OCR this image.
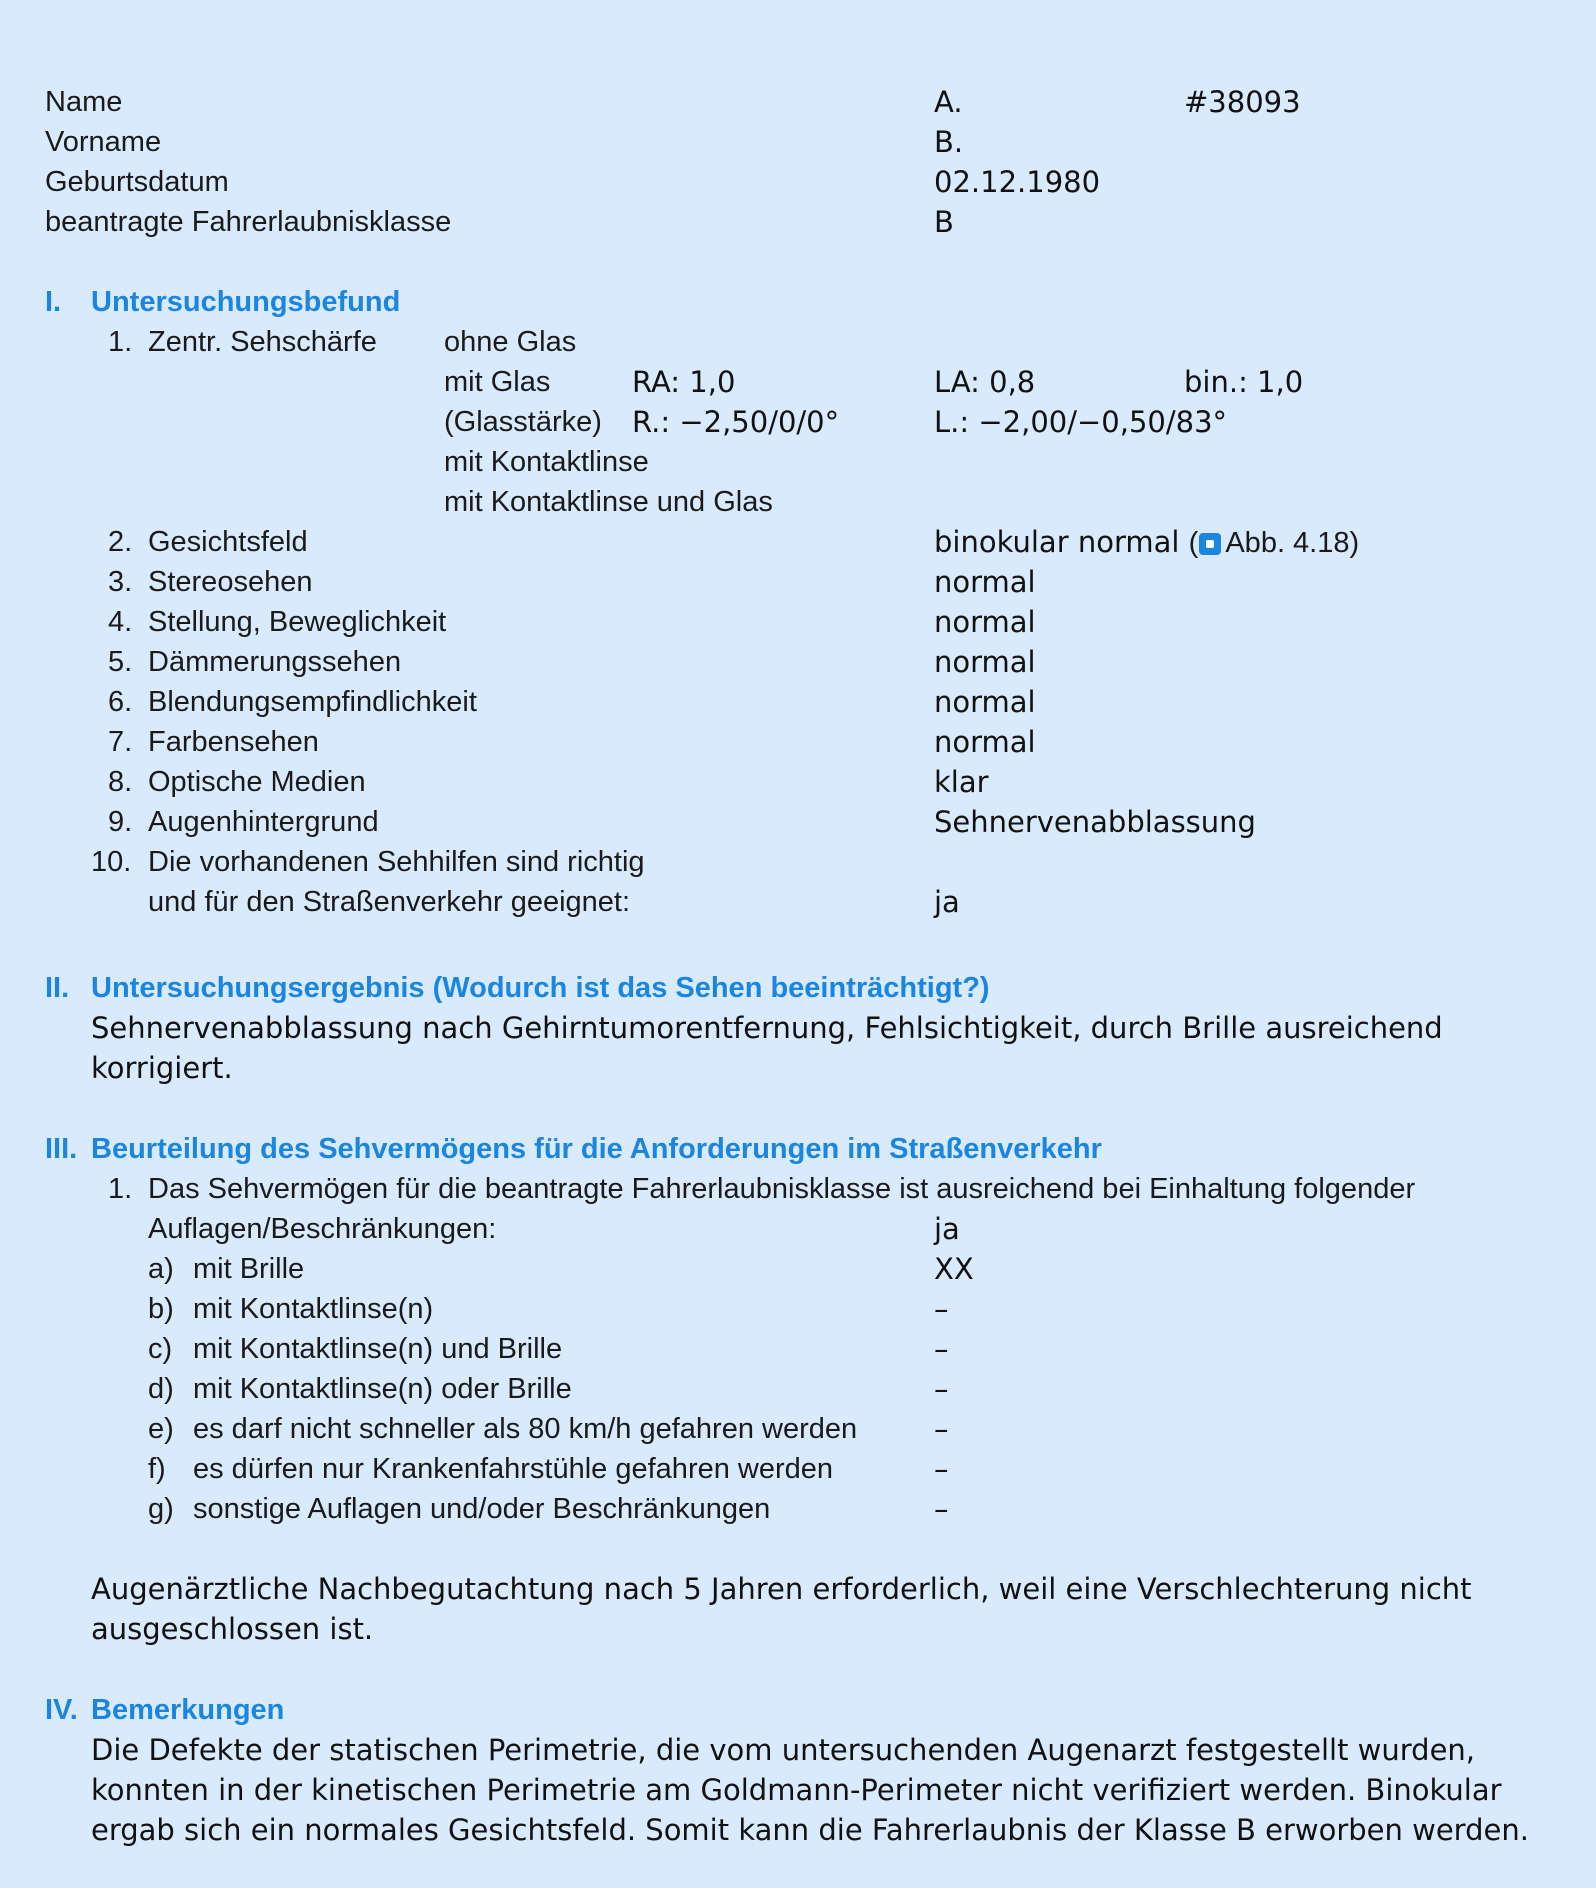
Name	A.	#38093
Vorname	B.
Geburtsdatum	02.12.1980
beantragte Fahrerlaubnisklasse	B
I. Untersuchungsbefund
1. Zentr. Sehschärfe ohne Glas
mit Glas	RA: 1,0	LA: 0,8	bin.: 1,0
(Glasstärke) R.: −2,50/0/0°	L.: −2,00/−0,50/83°
mit Kontaktlinse
mit Kontaktlinse und Glas
2. Gesichtsfeld	binokular normal ( Abb. 4.18)
3. Stereosehen	normal
4. Stellung, Beweglichkeit	normal
5. Dämmerungssehen	normal
6. Blendungsempfindlichkeit	normal
7. Farbensehen	normal
8. Optische Medien	klar
9. Augenhintergrund	Sehnervenabblassung
10. Die vorhandenen Sehhilfen sind richtig
und für den Straßenverkehr geeignet:	ja
II. Untersuchungsergebnis (Wodurch ist das Sehen beeinträchtigt?)
Sehnervenabblassung nach Gehirntumorentfernung, Fehlsichtigkeit, durch Brille ausreichend
korrigiert.
III. Beurteilung des Sehvermögens für die Anforderungen im Straßenverkehr
1. Das Sehvermögen für die beantragte Fahrerlaubnisklasse ist ausreichend bei Einhaltung folgender
Auflagen/Beschränkungen:	ja
a) mit Brille	XX
b) mit Kontaktlinse(n)	–
c) mit Kontaktlinse(n) und Brille	–
d) mit Kontaktlinse(n) oder Brille	–
e) es darf nicht schneller als 80 km/h gefahren werden	–
f) es dürfen nur Krankenfahrstühle gefahren werden	–
g) sonstige Auflagen und/oder Beschränkungen	–
Augenärztliche Nachbegutachtung nach 5 Jahren erforderlich, weil eine Verschlechterung nicht
ausgeschlossen ist.
IV. Bemerkungen
Die Defekte der statischen Perimetrie, die vom untersuchenden Augenarzt festgestellt wurden,
konnten in der kinetischen Perimetrie am Goldmann-Perimeter nicht verifiziert werden. Binokular
ergab sich ein normales Gesichtsfeld. Somit kann die Fahrerlaubnis der Klasse B erworben werden.
